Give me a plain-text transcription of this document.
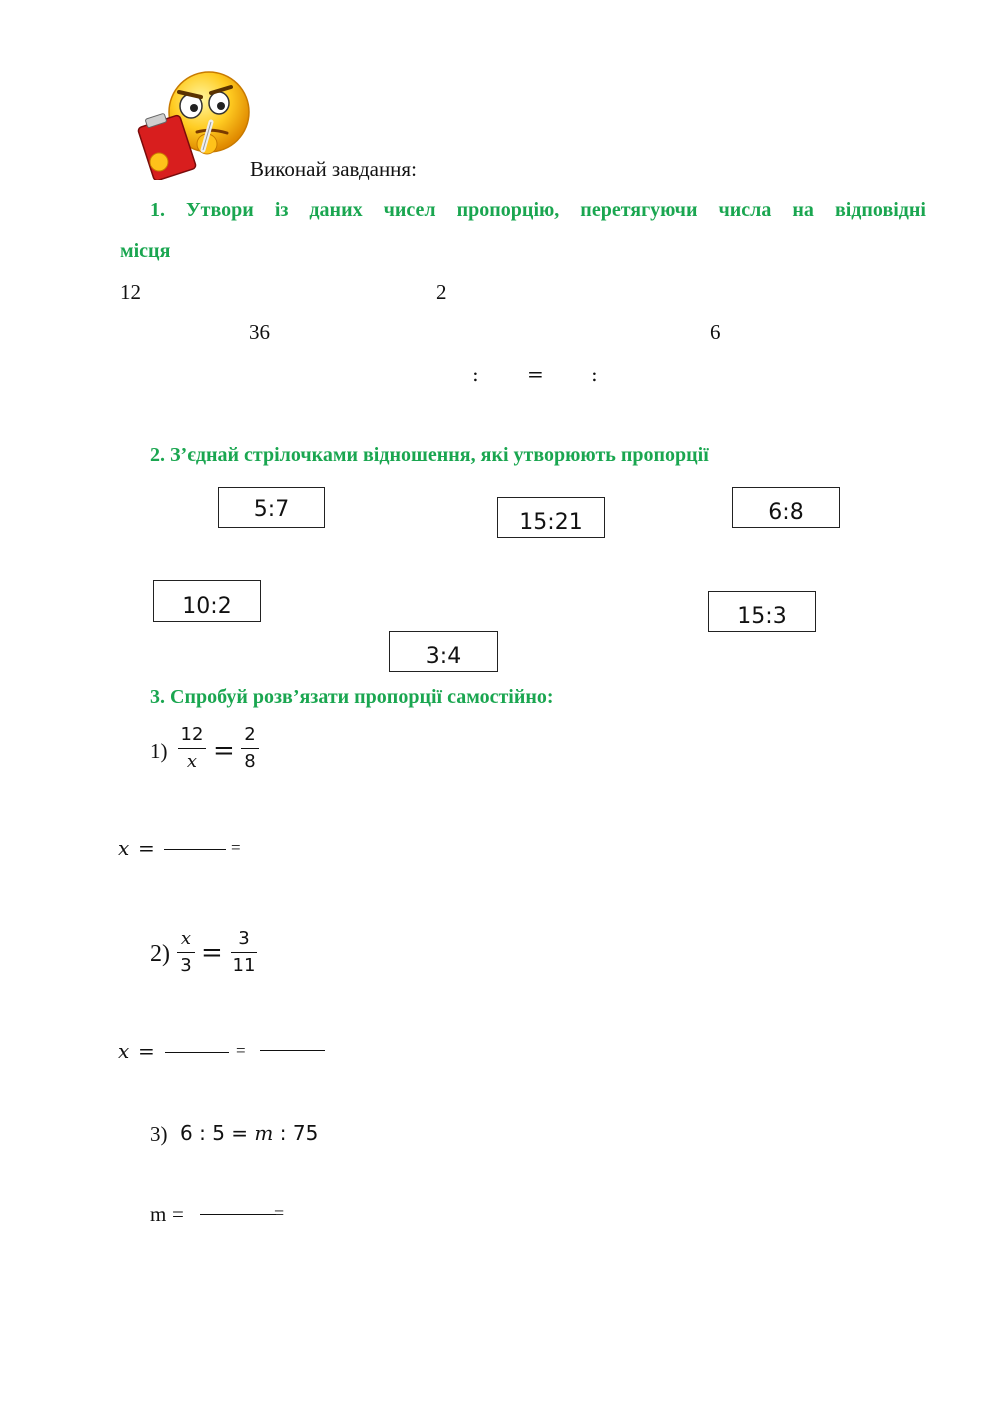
Виконай завдання:
1. Утвори із даних чисел пропорцію, перетягуючи числа на відповідні
місця
12	2
36	6
: = :
2. З’єднай стрілочками відношення, які утворюють пропорції
5:7
15:21	6:8
10:2	15:3
3:4
3. Спробуй розв’язати пропорції самостійно:
1)
12
x =
2
8
x =	=
2)
x
3 = 3
11
x =	=
3) 6 : 5 = m : 75
m =	=
